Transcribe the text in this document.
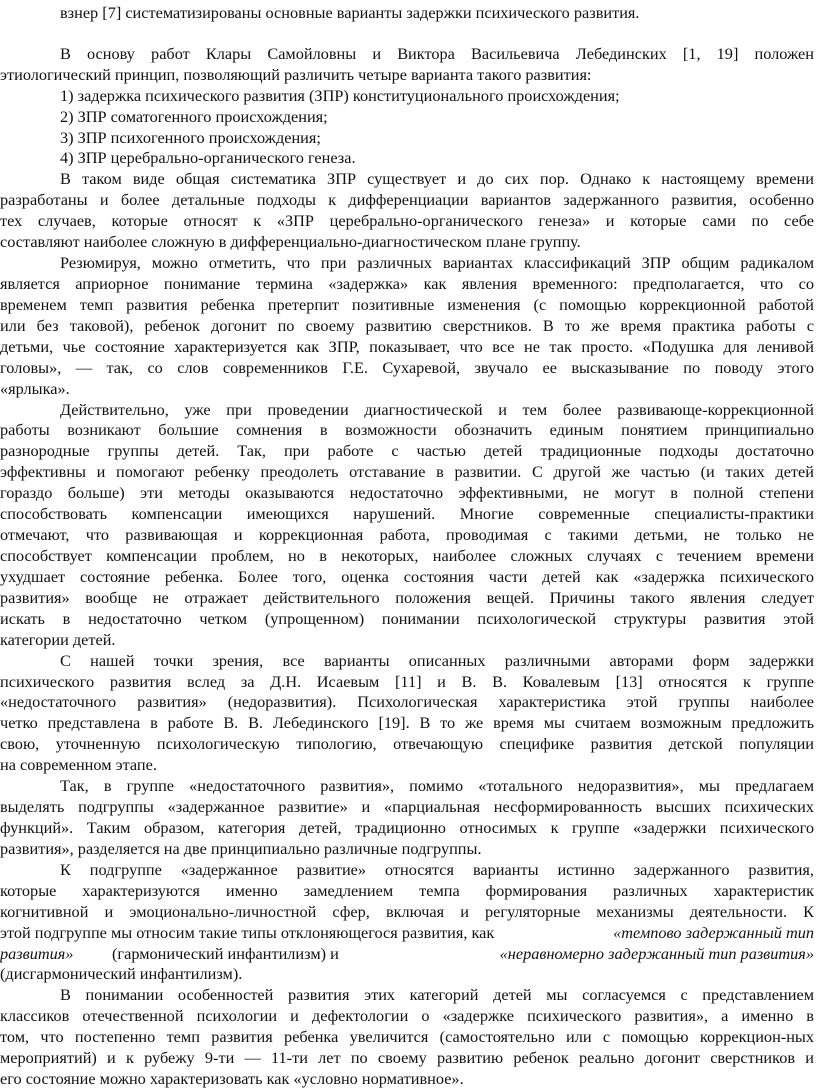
взнер [7] систематизированы основные варианты задержки психического развития.
В основу работ Клары Самойловны и Виктора Васильевича Лебединских [1, 19] положен
этиологический принцип, позволяющий различить четыре варианта такого развития:
1) задержка психического развития (ЗПР) конституционального происхождения;
2) ЗПР соматогенного происхождения;
3) ЗПР психогенного происхождения;
4) ЗПР церебрально-органического генеза.
В таком виде общая систематика ЗПР существует и до сих пор. Однако к настоящему времени
разработаны и более детальные подходы к дифференциации вариантов задержанного развития, особенно
тех случаев, которые относят к «ЗПР церебрально-органического генеза» и которые сами по себе
составляют наиболее сложную в дифференциально-диагностическом плане группу.
Резюмируя, можно отметить, что при различных вариантах классификаций ЗПР общим радикалом
является априорное понимание термина «задержка» как явления временного: предполагается, что со
временем темп развития ребенка претерпит позитивные изменения (с помощью коррекционной работой
или без таковой), ребенок догонит по своему развитию сверстников. В то же время практика работы с
детьми, чье состояние характеризуется как ЗПР, показывает, что все не так просто. «Подушка для ленивой
головы», — так, со слов современников Г.Е. Сухаревой, звучало ее высказывание по поводу этого
«ярлыка».
Действительно, уже при проведении диагностической и тем более развивающе-коррекционной
работы возникают большие сомнения в возможности обозначить единым понятием принципиально
разнородные группы детей. Так, при работе с частью детей традиционные подходы достаточно
эффективны и помогают ребенку преодолеть отставание в развитии. С другой же частью (и таких детей
гораздо больше) эти методы оказываются недостаточно эффективными, не могут в полной степени
способствовать компенсации имеющихся нарушений. Многие современные специалисты-практики
отмечают, что развивающая и коррекционная работа, проводимая с такими детьми, не только не
способствует компенсации проблем, но в некоторых, наиболее сложных случаях с течением времени
ухудшает состояние ребенка. Более того, оценка состояния части детей как «задержка психического
развития» вообще не отражает действительного положения вещей. Причины такого явления следует
искать в недостаточно четком (упрощенном) понимании психологической структуры развития этой
категории детей.
С нашей точки зрения, все варианты описанных различными авторами форм задержки
психического развития вслед за Д.Н. Исаевым [11] и В. В. Ковалевым [13] относятся к группе
«недостаточного развития» (недоразвития). Психологическая характеристика этой группы наиболее
четко представлена в работе В. В. Лебединского [19]. В то же время мы считаем возможным предложить
свою, уточненную психологическую типологию, отвечающую специфике развития детской популяции
на современном этапе.
Так, в группе «недостаточного развития», помимо «тотального недоразвития», мы предлагаем
выделять подгруппы «задержанное развитие» и «парциальная несформированность высших психических
функций». Таким образом, категория детей, традиционно относимых к группе «задержки психического
развития», разделяется на две принципиально различные подгруппы.
К подгруппе «задержанное развитие» относятся варианты истинно задержанного развития,
которые характеризуются именно замедлением темпа формирования различных характеристик
когнитивной и эмоционально-личностной сфер, включая и регуляторные механизмы деятельности. К
этой подгруппе мы относим такие типы отклоняющегося развития, как	«темпово задержанный тип
развития»	(гармонический инфантилизм) и	«неравномерно задержанный тип развития»
(дисгармонический инфантилизм).
В понимании особенностей развития этих категорий детей мы согласуемся с представлением
классиков отечественной психологии и дефектологии о «задержке психического развития», а именно в
том, что постепенно темп развития ребенка увеличится (самостоятельно или с помощью коррекцион-ных
мероприятий) и к рубежу 9-ти — 11-ти лет по своему развитию ребенок реально догонит сверстников и
его состояние можно характеризовать как «условно нормативное».
